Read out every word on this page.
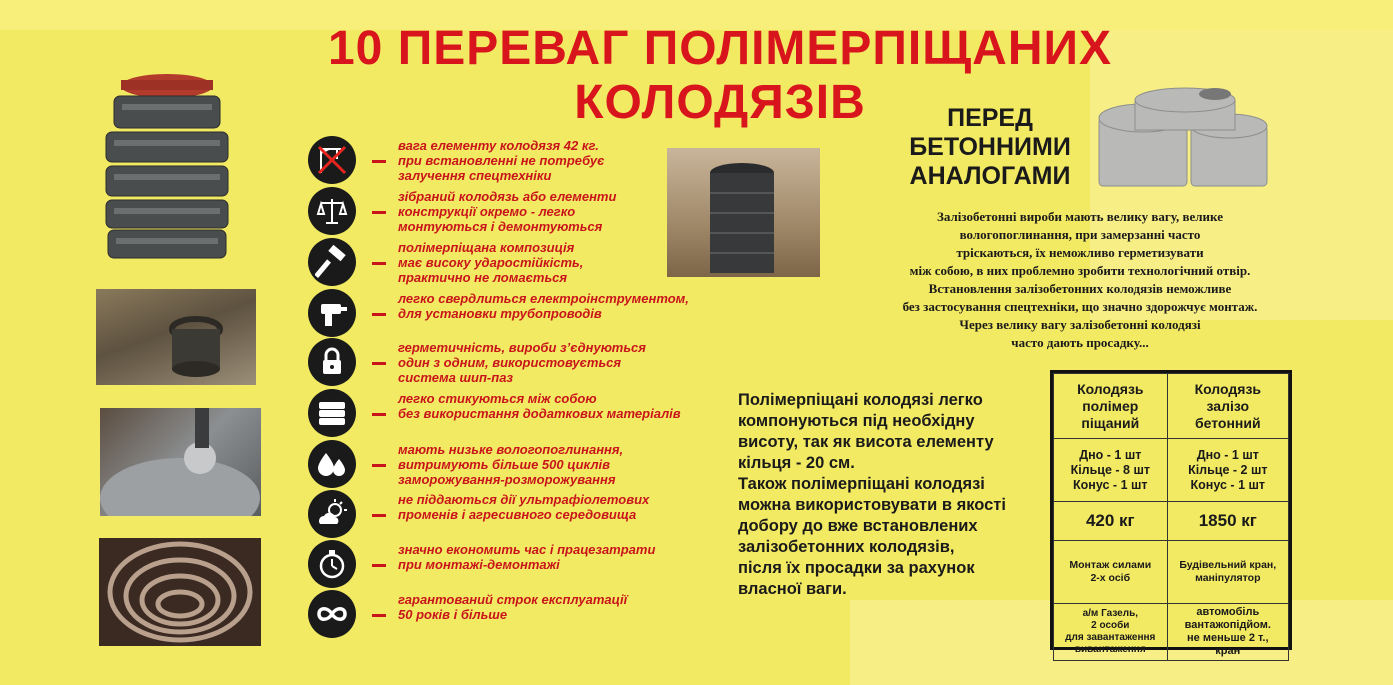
10 ПЕРЕВАГ ПОЛІМЕРПІЩАНИХ
КОЛОДЯЗІВ
вага елементу колодязя 42 кг.
при встановленні не потребує
залучення спецтехніки
зібраний колодязь або елементи
конструкції окремо - легко
монтуються і демонтуються
полімерпіщана композиція
має високу ударостійкість,
практично не ломається
легко свердлиться електроінструментом,
для установки трубопроводів
герметичність, вироби з’єднуються
один з одним, використовується
система шип-паз
легко стикуються між собою
без використання додаткових матеріалів
мають низьке вологопоглинання,
витримують більше 500 циклів
заморожування-розморожування
не піддаються дії ультрафіолетових
променів і агресивного середовища
значно економить час і працезатрати
при монтажі-демонтажі
гарантований строк експлуатації
50 років і більше
ПЕРЕД
БЕТОННИМИ
АНАЛОГАМИ
Залізобетонні вироби мають велику вагу, велике
вологопоглинання, при замерзанні часто
тріскаються, їх неможливо герметизувати
між собою, в них проблемно зробити технологічний отвір.
Встановлення залізобетонних колодязів неможливе
без застосування спецтехніки, що значно здорожчує монтаж.
Через велику вагу залізобетонні колодязі
часто дають просадку...
Полімерпіщані колодязі легко
компонуються під необхідну
висоту, так як висота елементу
кільця - 20 см.
Також полімерпіщані колодязі
можна використовувати в якості
добору до вже встановлених
залізобетонних колодязів,
після їх просадки за рахунок
власної ваги.
Колодязь
полімер
піщаний	Колодязь
залізо
бетонний

Дно - 1 шт
Кільце - 8 шт
Конус - 1 шт	Дно - 1 шт
Кільце - 2 шт
Конус - 1 шт

420 кг	1850 кг

Монтаж силами
2-х осіб	Будівельний кран,
маніпулятор

а/м Газель,
2 особи
для завантаження
вивантаження	автомобіль
вантажопідйом.
не меньше 2 т.,
кран
